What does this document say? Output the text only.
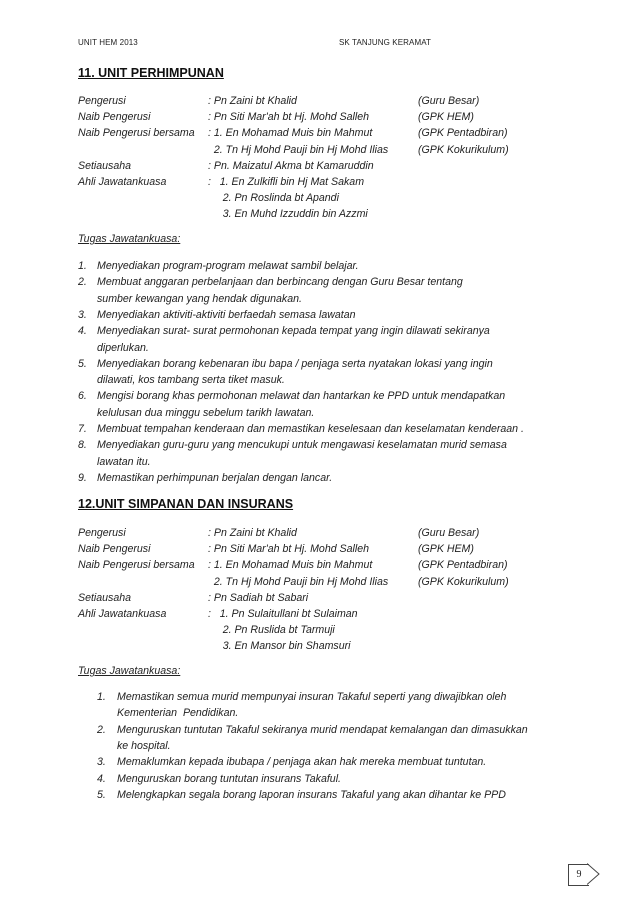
UNIT HEM 2013	SK TANJUNG KERAMAT
11. UNIT PERHIMPUNAN
Pengerusi	: Pn Zaini bt Khalid	(Guru Besar)
Naib Pengerusi	: Pn Siti Mar'ah bt Hj. Mohd Salleh	(GPK HEM)
Naib Pengerusi bersama : 1. En Mohamad Muis bin Mahmut	(GPK Pentadbiran)
2. Tn Hj Mohd Pauji bin Hj Mohd Ilias	(GPK Kokurikulum)
Setiausaha	: Pn. Maizatul Akma bt Kamaruddin
Ahli Jawatankuasa	:   1. En Zulkifli bin Hj Mat Sakam
2. Pn Roslinda bt Apandi
3. En Muhd Izzuddin bin Azzmi
Tugas Jawatankuasa:
1. Menyediakan program-program melawat sambil belajar.
2. Membuat anggaran perbelanjaan dan berbincang dengan Guru Besar tentang
sumber kewangan yang hendak digunakan.
3. Menyediakan aktiviti-aktiviti berfaedah semasa lawatan
4. Menyediakan surat- surat permohonan kepada tempat yang ingin dilawati sekiranya
diperlukan.
5. Menyediakan borang kebenaran ibu bapa / penjaga serta nyatakan lokasi yang ingin
dilawati, kos tambang serta tiket masuk.
6. Mengisi borang khas permohonan melawat dan hantarkan ke PPD untuk mendapatkan
kelulusan dua minggu sebelum tarikh lawatan.
7. Membuat tempahan kenderaan dan memastikan keselesaan dan keselamatan kenderaan .
8. Menyediakan guru-guru yang mencukupi untuk mengawasi keselamatan murid semasa
lawatan itu.
9. Memastikan perhimpunan berjalan dengan lancar.
12.UNIT SIMPANAN DAN INSURANS
Pengerusi	: Pn Zaini bt Khalid	(Guru Besar)
Naib Pengerusi	: Pn Siti Mar'ah bt Hj. Mohd Salleh	(GPK HEM)
Naib Pengerusi bersama : 1. En Mohamad Muis bin Mahmut	(GPK Pentadbiran)
2. Tn Hj Mohd Pauji bin Hj Mohd Ilias	(GPK Kokurikulum)
Setiausaha	: Pn Sadiah bt Sabari
Ahli Jawatankuasa	:   1. Pn Sulaitullani bt Sulaiman
2. Pn Ruslida bt Tarmuji
3. En Mansor bin Shamsuri
Tugas Jawatankuasa:
1. Memastikan semua murid mempunyai insuran Takaful seperti yang diwajibkan oleh
Kementerian  Pendidikan.
2. Menguruskan tuntutan Takaful sekiranya murid mendapat kemalangan dan dimasukkan
ke hospital.
3. Memaklumkan kepada ibubapa / penjaga akan hak mereka membuat tuntutan.
4. Menguruskan borang tuntutan insurans Takaful.
5. Melengkapkan segala borang laporan insurans Takaful yang akan dihantar ke PPD
9
